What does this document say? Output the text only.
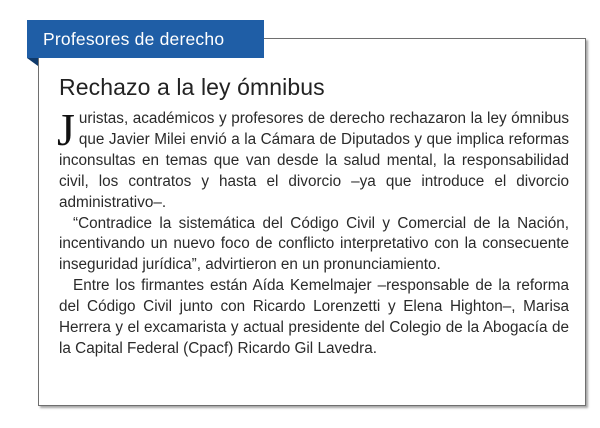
Profesores de derecho
Rechazo a la ley ómnibus

Juristas, académicos y profesores de derecho rechazaron la ley ómnibus que Javier Milei envió a la Cámara de Diputados y que implica reformas inconsultas en temas que van desde la salud mental, la responsabilidad civil, los contratos y hasta el divorcio –ya que introduce el divorcio administrativo–.

“Contradice la sistemática del Código Civil y Comercial de la Nación, incentivando un nuevo foco de conflicto interpretativo con la consecuente inseguridad jurídica”, advirtieron en un pronunciamiento.

Entre los firmantes están Aída Kemelmajer –responsable de la reforma del Código Civil junto con Ricardo Lorenzetti y Elena Highton–, Marisa Herrera y el excamarista y actual presidente del Colegio de la Abogacía de la Capital Federal (Cpacf) Ricardo Gil Lavedra.
